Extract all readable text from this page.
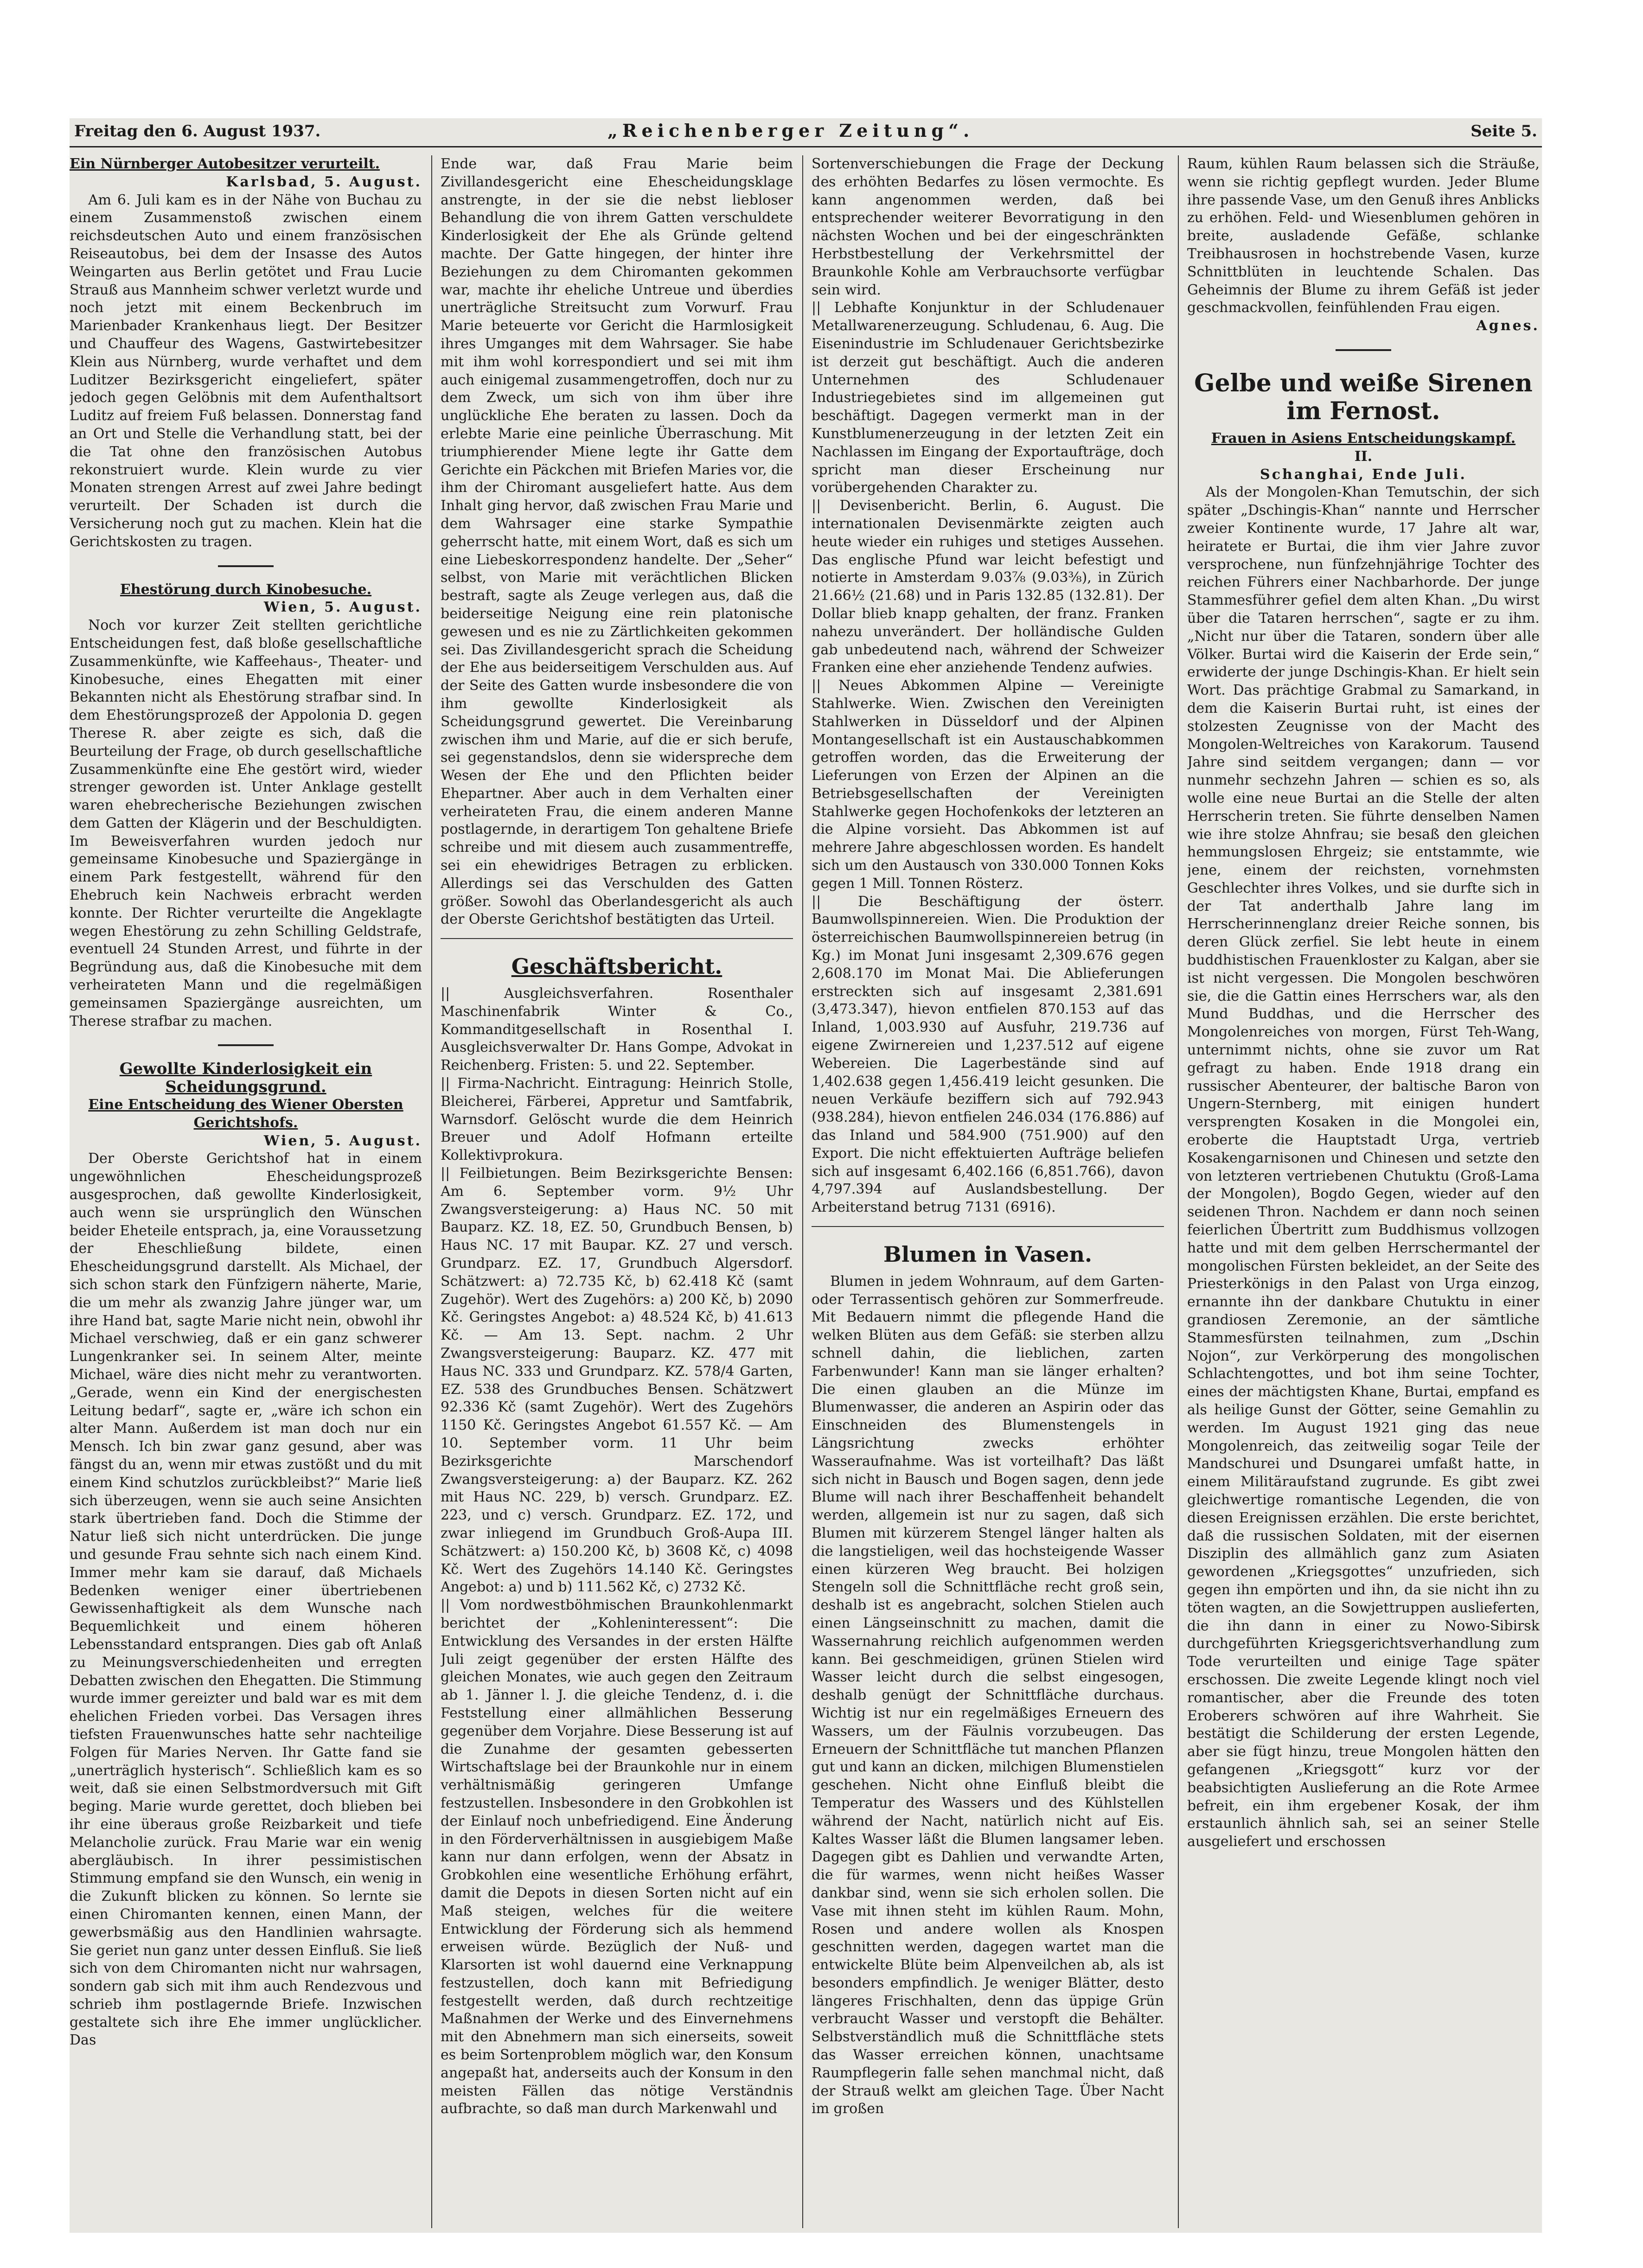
Freitag den 6. August 1937.	„Reichenberger Zeitung“.	Seite 5.
Ein Nürnberger Autobesitzer verurteilt.
Karlsbad, 5. August.

Am 6. Juli kam es in der Nähe von Buchau zu einem Zusammenstoß zwischen einem reichsdeutschen Auto und einem französischen Reiseautobus, bei dem der Insasse des Autos Weingarten aus Berlin getötet und Frau Lucie Strauß aus Mannheim schwer verletzt wurde und noch jetzt mit einem Beckenbruch im Marienbader Krankenhaus liegt. Der Besitzer und Chauffeur des Wagens, Gastwirtebesitzer Klein aus Nürnberg, wurde verhaftet und dem Luditzer Bezirksgericht eingeliefert, später jedoch gegen Gelöbnis mit dem Aufenthaltsort Luditz auf freiem Fuß belassen. Donnerstag fand an Ort und Stelle die Verhandlung statt, bei der die Tat ohne den französischen Autobus rekonstruiert wurde. Klein wurde zu vier Monaten strengen Arrest auf zwei Jahre bedingt verurteilt. Der Schaden ist durch die Versicherung noch gut zu machen. Klein hat die Gerichtskosten zu tragen.

Ehestörung durch Kinobesuche.
Wien, 5. August.

Noch vor kurzer Zeit stellten gerichtliche Entscheidungen fest, daß bloße gesellschaftliche Zusammenkünfte, wie Kaffeehaus-, Theater- und Kinobesuche, eines Ehegatten mit einer Bekannten nicht als Ehestörung strafbar sind. In dem Ehestörungsprozeß der Appolonia D. gegen Therese R. aber zeigte es sich, daß die Beurteilung der Frage, ob durch gesellschaftliche Zusammenkünfte eine Ehe gestört wird, wieder strenger geworden ist. Unter Anklage gestellt waren ehebrecherische Beziehungen zwischen dem Gatten der Klägerin und der Beschuldigten. Im Beweisverfahren wurden jedoch nur gemeinsame Kinobesuche und Spaziergänge in einem Park festgestellt, während für den Ehebruch kein Nachweis erbracht werden konnte. Der Richter verurteilte die Angeklagte wegen Ehestörung zu zehn Schilling Geldstrafe, eventuell 24 Stunden Arrest, und führte in der Begründung aus, daß die Kinobesuche mit dem verheirateten Mann und die regelmäßigen gemeinsamen Spaziergänge ausreichten, um Therese strafbar zu machen.

Gewollte Kinderlosigkeit ein Scheidungsgrund.
Eine Entscheidung des Wiener Obersten Gerichtshofs.
Wien, 5. August.

Der Oberste Gerichtshof hat in einem ungewöhnlichen Ehescheidungsprozeß ausgesprochen, daß gewollte Kinderlosigkeit, auch wenn sie ursprünglich den Wünschen beider Eheteile entsprach, ja, eine Voraussetzung der Eheschließung bildete, einen Ehescheidungsgrund darstellt. Als Michael, der sich schon stark den Fünfzigern näherte, Marie, die um mehr als zwanzig Jahre jünger war, um ihre Hand bat, sagte Marie nicht nein, obwohl ihr Michael verschwieg, daß er ein ganz schwerer Lungenkranker sei. In seinem Alter, meinte Michael, wäre dies nicht mehr zu verantworten. „Gerade, wenn ein Kind der energischesten Leitung bedarf“, sagte er, „wäre ich schon ein alter Mann. Außerdem ist man doch nur ein Mensch. Ich bin zwar ganz gesund, aber was fängst du an, wenn mir etwas zustößt und du mit einem Kind schutzlos zurückbleibst?“ Marie ließ sich überzeugen, wenn sie auch seine Ansichten stark übertrieben fand. Doch die Stimme der Natur ließ sich nicht unterdrücken. Die junge und gesunde Frau sehnte sich nach einem Kind. Immer mehr kam sie darauf, daß Michaels Bedenken weniger einer übertriebenen Gewissenhaftigkeit als dem Wunsche nach Bequemlichkeit und einem höheren Lebensstandard entsprangen. Dies gab oft Anlaß zu Meinungsverschiedenheiten und erregten Debatten zwischen den Ehegatten. Die Stimmung wurde immer gereizter und bald war es mit dem ehelichen Frieden vorbei. Das Versagen ihres tiefsten Frauenwunsches hatte sehr nachteilige Folgen für Maries Nerven. Ihr Gatte fand sie „unerträglich hysterisch“. Schließlich kam es so weit, daß sie einen Selbstmordversuch mit Gift beging. Marie wurde gerettet, doch blieben bei ihr eine überaus große Reizbarkeit und tiefe Melancholie zurück. Frau Marie war ein wenig abergläubisch. In ihrer pessimistischen Stimmung empfand sie den Wunsch, ein wenig in die Zukunft blicken zu können. So lernte sie einen Chiromanten kennen, einen Mann, der gewerbsmäßig aus den Handlinien wahrsagte. Sie geriet nun ganz unter dessen Einfluß. Sie ließ sich von dem Chiromanten nicht nur wahrsagen, sondern gab sich mit ihm auch Rendezvous und schrieb ihm postlagernde Briefe. Inzwischen gestaltete sich ihre Ehe immer unglücklicher. Das

Ende war, daß Frau Marie beim Zivillandesgericht eine Ehescheidungsklage anstrengte, in der sie die nebst liebloser Behandlung die von ihrem Gatten verschuldete Kinderlosigkeit der Ehe als Gründe geltend machte. Der Gatte hingegen, der hinter ihre Beziehungen zu dem Chiromanten gekommen war, machte ihr eheliche Untreue und überdies unerträgliche Streitsucht zum Vorwurf. Frau Marie beteuerte vor Gericht die Harmlosigkeit ihres Umganges mit dem Wahrsager. Sie habe mit ihm wohl korrespondiert und sei mit ihm auch einigemal zusammengetroffen, doch nur zu dem Zweck, um sich von ihm über ihre unglückliche Ehe beraten zu lassen. Doch da erlebte Marie eine peinliche Überraschung. Mit triumphierender Miene legte ihr Gatte dem Gerichte ein Päckchen mit Briefen Maries vor, die ihm der Chiromant ausgeliefert hatte. Aus dem Inhalt ging hervor, daß zwischen Frau Marie und dem Wahrsager eine starke Sympathie geherrscht hatte, mit einem Wort, daß es sich um eine Liebeskorrespondenz handelte. Der „Seher“ selbst, von Marie mit verächtlichen Blicken bestraft, sagte als Zeuge verlegen aus, daß die beiderseitige Neigung eine rein platonische gewesen und es nie zu Zärtlichkeiten gekommen sei. Das Zivillandesgericht sprach die Scheidung der Ehe aus beiderseitigem Verschulden aus. Auf der Seite des Gatten wurde insbesondere die von ihm gewollte Kinderlosigkeit als Scheidungsgrund gewertet. Die Vereinbarung zwischen ihm und Marie, auf die er sich berufe, sei gegenstandslos, denn sie widerspreche dem Wesen der Ehe und den Pflichten beider Ehepartner. Aber auch in dem Verhalten einer verheirateten Frau, die einem anderen Manne postlagernde, in derartigem Ton gehaltene Briefe schreibe und mit diesem auch zusammentreffe, sei ein ehewidriges Betragen zu erblicken. Allerdings sei das Verschulden des Gatten größer. Sowohl das Oberlandesgericht als auch der Oberste Gerichtshof bestätigten das Urteil.

Geschäftsbericht.

|| Ausgleichsverfahren. Rosenthaler Maschinenfabrik Winter & Co., Kommanditgesellschaft in Rosenthal I. Ausgleichsverwalter Dr. Hans Gompe, Advokat in Reichenberg. Fristen: 5. und 22. September.

|| Firma-Nachricht. Eintragung: Heinrich Stolle, Bleicherei, Färberei, Appretur und Samtfabrik, Warnsdorf. Gelöscht wurde die dem Heinrich Breuer und Adolf Hofmann erteilte Kollektivprokura.

|| Feilbietungen. Beim Bezirksgerichte Bensen: Am 6. September vorm. 9½ Uhr Zwangsversteigerung: a) Haus NC. 50 mit Bauparz. KZ. 18, EZ. 50, Grundbuch Bensen, b) Haus NC. 17 mit Baupar. KZ. 27 und versch. Grundparz. EZ. 17, Grundbuch Algersdorf. Schätzwert: a) 72.735 Kč, b) 62.418 Kč (samt Zugehör). Wert des Zugehörs: a) 200 Kč, b) 2090 Kč. Geringstes Angebot: a) 48.524 Kč, b) 41.613 Kč. — Am 13. Sept. nachm. 2 Uhr Zwangsversteigerung: Bauparz. KZ. 477 mit Haus NC. 333 und Grundparz. KZ. 578/4 Garten, EZ. 538 des Grundbuches Bensen. Schätzwert 92.336 Kč (samt Zugehör). Wert des Zugehörs 1150 Kč. Geringstes Angebot 61.557 Kč. — Am 10. September vorm. 11 Uhr beim Bezirksgerichte Marschendorf Zwangsversteigerung: a) der Bauparz. KZ. 262 mit Haus NC. 229, b) versch. Grundparz. EZ. 223, und c) versch. Grundparz. EZ. 172, und zwar inliegend im Grundbuch Groß-Aupa III. Schätzwert: a) 150.200 Kč, b) 3608 Kč, c) 4098 Kč. Wert des Zugehörs 14.140 Kč. Geringstes Angebot: a) und b) 111.562 Kč, c) 2732 Kč.

|| Vom nordwestböhmischen Braunkohlenmarkt berichtet der „Kohleninteressent“: Die Entwicklung des Versandes in der ersten Hälfte Juli zeigt gegenüber der ersten Hälfte des gleichen Monates, wie auch gegen den Zeitraum ab 1. Jänner l. J. die gleiche Tendenz, d. i. die Feststellung einer allmählichen Besserung gegenüber dem Vorjahre. Diese Besserung ist auf die Zunahme der gesamten gebesserten Wirtschaftslage bei der Braunkohle nur in einem verhältnismäßig geringeren Umfange festzustellen. Insbesondere in den Grobkohlen ist der Einlauf noch unbefriedigend. Eine Änderung in den Förderverhältnissen in ausgiebigem Maße kann nur dann erfolgen, wenn der Absatz in Grobkohlen eine wesentliche Erhöhung erfährt, damit die Depots in diesen Sorten nicht auf ein Maß steigen, welches für die weitere Entwicklung der Förderung sich als hemmend erweisen würde. Bezüglich der Nuß- und Klarsorten ist wohl dauernd eine Verknappung festzustellen, doch kann mit Befriedigung festgestellt werden, daß durch rechtzeitige Maßnahmen der Werke und des Einvernehmens mit den Abnehmern man sich einerseits, soweit es beim Sortenproblem möglich war, den Konsum angepaßt hat, anderseits auch der Konsum in den meisten Fällen das nötige Verständnis aufbrachte, so daß man durch Markenwahl und

Sortenverschiebungen die Frage der Deckung des erhöhten Bedarfes zu lösen vermochte. Es kann angenommen werden, daß bei entsprechender weiterer Bevorratigung in den nächsten Wochen und bei der eingeschränkten Herbstbestellung der Verkehrsmittel der Braunkohle Kohle am Verbrauchsorte verfügbar sein wird.

|| Lebhafte Konjunktur in der Schludenauer Metallwarenerzeugung. Schludenau, 6. Aug. Die Eisenindustrie im Schludenauer Gerichtsbezirke ist derzeit gut beschäftigt. Auch die anderen Unternehmen des Schludenauer Industriegebietes sind im allgemeinen gut beschäftigt. Dagegen vermerkt man in der Kunstblumenerzeugung in der letzten Zeit ein Nachlassen im Eingang der Exportaufträge, doch spricht man dieser Erscheinung nur vorübergehenden Charakter zu.

|| Devisenbericht. Berlin, 6. August. Die internationalen Devisenmärkte zeigten auch heute wieder ein ruhiges und stetiges Aussehen. Das englische Pfund war leicht befestigt und notierte in Amsterdam 9.03⅞ (9.03⅜), in Zürich 21.66½ (21.68) und in Paris 132.85 (132.81). Der Dollar blieb knapp gehalten, der franz. Franken nahezu unverändert. Der holländische Gulden gab unbedeutend nach, während der Schweizer Franken eine eher anziehende Tendenz aufwies.

|| Neues Abkommen Alpine — Vereinigte Stahlwerke. Wien. Zwischen den Vereinigten Stahlwerken in Düsseldorf und der Alpinen Montangesellschaft ist ein Austauschabkommen getroffen worden, das die Erweiterung der Lieferungen von Erzen der Alpinen an die Betriebsgesellschaften der Vereinigten Stahlwerke gegen Hochofenkoks der letzteren an die Alpine vorsieht. Das Abkommen ist auf mehrere Jahre abgeschlossen worden. Es handelt sich um den Austausch von 330.000 Tonnen Koks gegen 1 Mill. Tonnen Rösterz.

|| Die Beschäftigung der österr. Baumwollspinnereien. Wien. Die Produktion der österreichischen Baumwollspinnereien betrug (in Kg.) im Monat Juni insgesamt 2,309.676 gegen 2,608.170 im Monat Mai. Die Ablieferungen erstreckten sich auf insgesamt 2,381.691 (3,473.347), hievon entfielen 870.153 auf das Inland, 1,003.930 auf Ausfuhr, 219.736 auf eigene Zwirnereien und 1,237.512 auf eigene Webereien. Die Lagerbestände sind auf 1,402.638 gegen 1,456.419 leicht gesunken. Die neuen Verkäufe beziffern sich auf 792.943 (938.284), hievon entfielen 246.034 (176.886) auf das Inland und 584.900 (751.900) auf den Export. Die nicht effektuierten Aufträge beliefen sich auf insgesamt 6,402.166 (6,851.766), davon 4,797.394 auf Auslandsbestellung. Der Arbeiterstand betrug 7131 (6916).

Blumen in Vasen.

Blumen in jedem Wohnraum, auf dem Garten- oder Terrassentisch gehören zur Sommerfreude. Mit Bedauern nimmt die pflegende Hand die welken Blüten aus dem Gefäß: sie sterben allzu schnell dahin, die lieblichen, zarten Farbenwunder! Kann man sie länger erhalten? Die einen glauben an die Münze im Blumenwasser, die anderen an Aspirin oder das Einschneiden des Blumenstengels in Längsrichtung zwecks erhöhter Wasseraufnahme. Was ist vorteilhaft? Das läßt sich nicht in Bausch und Bogen sagen, denn jede Blume will nach ihrer Beschaffenheit behandelt werden, allgemein ist nur zu sagen, daß sich Blumen mit kürzerem Stengel länger halten als die langstieligen, weil das hochsteigende Wasser einen kürzeren Weg braucht. Bei holzigen Stengeln soll die Schnittfläche recht groß sein, deshalb ist es angebracht, solchen Stielen auch einen Längseinschnitt zu machen, damit die Wassernahrung reichlich aufgenommen werden kann. Bei geschmeidigen, grünen Stielen wird Wasser leicht durch die selbst eingesogen, deshalb genügt der Schnittfläche durchaus. Wichtig ist nur ein regelmäßiges Erneuern des Wassers, um der Fäulnis vorzubeugen. Das Erneuern der Schnittfläche tut manchen Pflanzen gut und kann an dicken, milchigen Blumenstielen geschehen. Nicht ohne Einfluß bleibt die Temperatur des Wassers und des Kühlstellen während der Nacht, natürlich nicht auf Eis. Kaltes Wasser läßt die Blumen langsamer leben. Dagegen gibt es Dahlien und verwandte Arten, die für warmes, wenn nicht heißes Wasser dankbar sind, wenn sie sich erholen sollen. Die Vase mit ihnen steht im kühlen Raum. Mohn, Rosen und andere wollen als Knospen geschnitten werden, dagegen wartet man die entwickelte Blüte beim Alpenveilchen ab, als ist besonders empfindlich. Je weniger Blätter, desto längeres Frischhalten, denn das üppige Grün verbraucht Wasser und verstopft die Behälter. Selbstverständlich muß die Schnittfläche stets das Wasser erreichen können, unachtsame Raumpflegerin falle sehen manchmal nicht, daß der Strauß welkt am gleichen Tage. Über Nacht im großen

Raum, kühlen Raum belassen sich die Sträuße, wenn sie richtig gepflegt wurden. Jeder Blume ihre passende Vase, um den Genuß ihres Anblicks zu erhöhen. Feld- und Wiesenblumen gehören in breite, ausladende Gefäße, schlanke Treibhausrosen in hochstrebende Vasen, kurze Schnittblüten in leuchtende Schalen. Das Geheimnis der Blume zu ihrem Gefäß ist jeder geschmackvollen, feinfühlenden Frau eigen.

Agnes.
Gelbe und weiße Sirenen im Fernost.
Frauen in Asiens Entscheidungskampf.
II.
Schanghai, Ende Juli.

Als der Mongolen-Khan Temutschin, der sich später „Dschingis-Khan“ nannte und Herrscher zweier Kontinente wurde, 17 Jahre alt war, heiratete er Burtai, die ihm vier Jahre zuvor versprochene, nun fünfzehnjährige Tochter des reichen Führers einer Nachbarhorde. Der junge Stammesführer gefiel dem alten Khan. „Du wirst über die Tataren herrschen“, sagte er zu ihm. „Nicht nur über die Tataren, sondern über alle Völker. Burtai wird die Kaiserin der Erde sein,“ erwiderte der junge Dschingis-Khan. Er hielt sein Wort. Das prächtige Grabmal zu Samarkand, in dem die Kaiserin Burtai ruht, ist eines der stolzesten Zeugnisse von der Macht des Mongolen-Weltreiches von Karakorum. Tausend Jahre sind seitdem vergangen; dann — vor nunmehr sechzehn Jahren — schien es so, als wolle eine neue Burtai an die Stelle der alten Herrscherin treten. Sie führte denselben Namen wie ihre stolze Ahnfrau; sie besaß den gleichen hemmungslosen Ehrgeiz; sie entstammte, wie jene, einem der reichsten, vornehmsten Geschlechter ihres Volkes, und sie durfte sich in der Tat anderthalb Jahre lang im Herrscherinnenglanz dreier Reiche sonnen, bis deren Glück zerfiel. Sie lebt heute in einem buddhistischen Frauenkloster zu Kalgan, aber sie ist nicht vergessen. Die Mongolen beschwören sie, die die Gattin eines Herrschers war, als den Mund Buddhas, und die Herrscher des Mongolenreiches von morgen, Fürst Teh-Wang, unternimmt nichts, ohne sie zuvor um Rat gefragt zu haben. Ende 1918 drang ein russischer Abenteurer, der baltische Baron von Ungern-Sternberg, mit einigen hundert versprengten Kosaken in die Mongolei ein, eroberte die Hauptstadt Urga, vertrieb Kosakengarnisonen und Chinesen und setzte den von letzteren vertriebenen Chutuktu (Groß-Lama der Mongolen), Bogdo Gegen, wieder auf den seidenen Thron. Nachdem er dann noch seinen feierlichen Übertritt zum Buddhismus vollzogen hatte und mit dem gelben Herrschermantel der mongolischen Fürsten bekleidet, an der Seite des Priesterkönigs in den Palast von Urga einzog, ernannte ihn der dankbare Chutuktu in einer grandiosen Zeremonie, an der sämtliche Stammesfürsten teilnahmen, zum „Dschin Nojon“, zur Verkörperung des mongolischen Schlachtengottes, und bot ihm seine Tochter, eines der mächtigsten Khane, Burtai, empfand es als heilige Gunst der Götter, seine Gemahlin zu werden. Im August 1921 ging das neue Mongolenreich, das zeitweilig sogar Teile der Mandschurei und Dsungarei umfaßt hatte, in einem Militäraufstand zugrunde. Es gibt zwei gleichwertige romantische Legenden, die von diesen Ereignissen erzählen. Die erste berichtet, daß die russischen Soldaten, mit der eisernen Disziplin des allmählich ganz zum Asiaten gewordenen „Kriegsgottes“ unzufrieden, sich gegen ihn empörten und ihn, da sie nicht ihn zu töten wagten, an die Sowjettruppen auslieferten, die ihn dann in einer zu Nowo-Sibirsk durchgeführten Kriegsgerichtsverhandlung zum Tode verurteilten und einige Tage später erschossen. Die zweite Legende klingt noch viel romantischer, aber die Freunde des toten Eroberers schwören auf ihre Wahrheit. Sie bestätigt die Schilderung der ersten Legende, aber sie fügt hinzu, treue Mongolen hätten den gefangenen „Kriegsgott“ kurz vor der beabsichtigten Auslieferung an die Rote Armee befreit, ein ihm ergebener Kosak, der ihm erstaunlich ähnlich sah, sei an seiner Stelle ausgeliefert und erschossen
